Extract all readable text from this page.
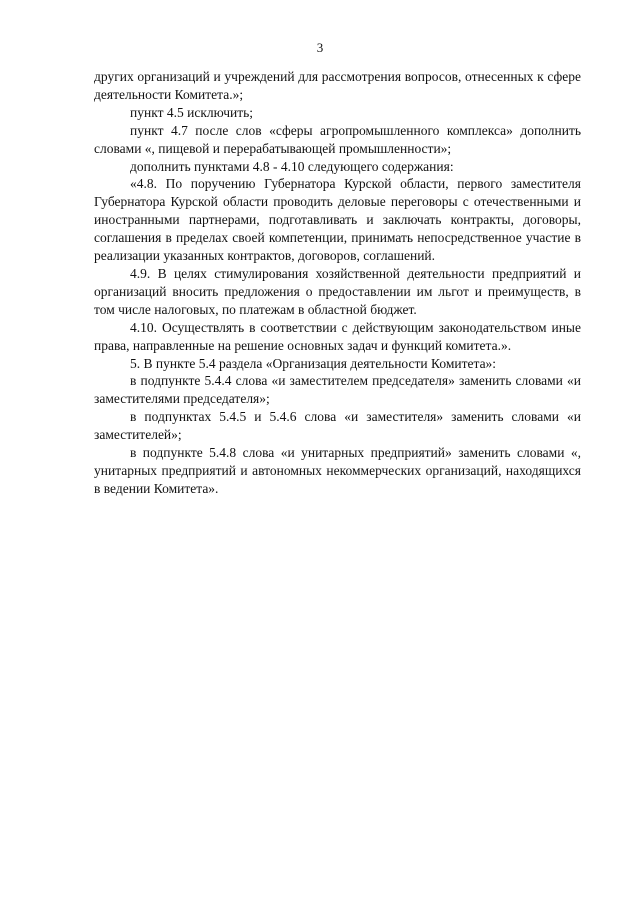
3

других организаций и учреждений для рассмотрения вопросов, отнесенных к сфере деятельности Комитета.»;

пункт 4.5 исключить;

пункт 4.7 после слов «сферы агропромышленного комплекса» дополнить словами «, пищевой и перерабатывающей промышленности»;

дополнить пунктами 4.8 - 4.10 следующего содержания:

«4.8. По поручению Губернатора Курской области, первого заместителя Губернатора Курской области проводить деловые переговоры с отечественными и иностранными партнерами, подготавливать и заключать контракты, договоры, соглашения в пределах своей компетенции, принимать непосредственное участие в реализации указанных контрактов, договоров, соглашений.

4.9. В целях стимулирования хозяйственной деятельности предприятий и организаций вносить предложения о предоставлении им льгот и преимуществ, в том числе налоговых, по платежам в областной бюджет.

4.10. Осуществлять в соответствии с действующим законодательством иные права, направленные на решение основных задач и функций комитета.».

5. В пункте 5.4 раздела «Организация деятельности Комитета»:

в подпункте 5.4.4 слова «и заместителем председателя» заменить словами «и заместителями председателя»;

в подпунктах 5.4.5 и 5.4.6 слова «и заместителя» заменить словами «и заместителей»;

в подпункте 5.4.8 слова «и унитарных предприятий» заменить словами «, унитарных предприятий и автономных некоммерческих организаций, находящихся в ведении Комитета».
